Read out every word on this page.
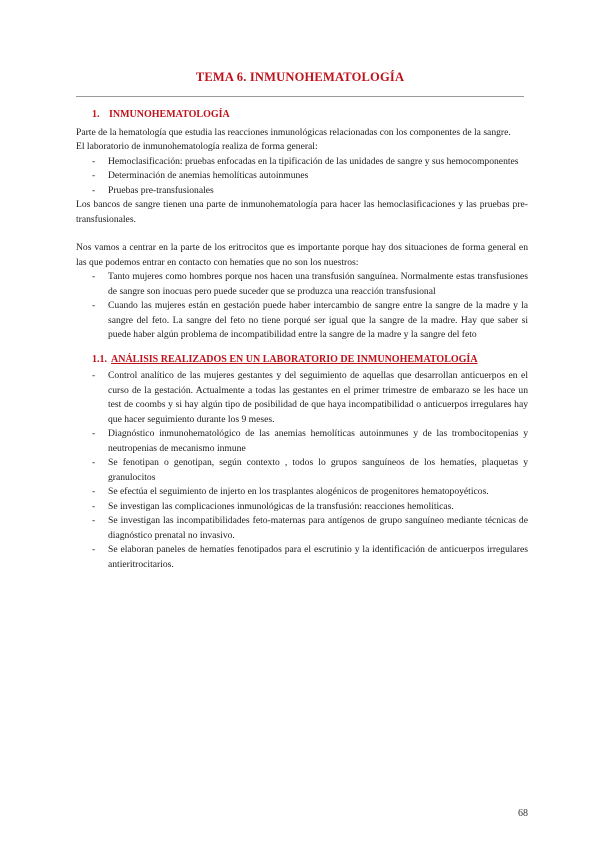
TEMA 6. INMUNOHEMATOLOGÍA
1. INMUNOHEMATOLOGÍA

Parte de la hematología que estudia las reacciones inmunológicas relacionadas con los componentes de la sangre.

El laboratorio de inmunohematología realiza de forma general:

- Hemoclasificación: pruebas enfocadas en la tipificación de las unidades de sangre y sus hemocomponentes
- Determinación de anemias hemolíticas autoinmunes
- Pruebas pre-transfusionales

Los bancos de sangre tienen una parte de inmunohematología para hacer las hemoclasificaciones y las pruebas pre-transfusionales.

Nos vamos a centrar en la parte de los eritrocitos que es importante porque hay dos situaciones de forma general en las que podemos entrar en contacto con hematíes que no son los nuestros:

- Tanto mujeres como hombres porque nos hacen una transfusión sanguínea. Normalmente estas transfusiones de sangre son inocuas pero puede suceder que se produzca una reacción transfusional
- Cuando las mujeres están en gestación puede haber intercambio de sangre entre la sangre de la madre y la sangre del feto. La sangre del feto no tiene porqué ser igual que la sangre de la madre. Hay que saber si puede haber algún problema de incompatibilidad entre la sangre de la madre y la sangre del feto
1.1. ANÁLISIS REALIZADOS EN UN LABORATORIO DE INMUNOHEMATOLOGÍA
- Control analítico de las mujeres gestantes y del seguimiento de aquellas que desarrollan anticuerpos en el curso de la gestación. Actualmente a todas las gestantes en el primer trimestre de embarazo se les hace un test de coombs y si hay algún tipo de posibilidad de que haya incompatibilidad o anticuerpos irregulares hay que hacer seguimiento durante los 9 meses.
- Diagnóstico inmunohematológico de las anemias hemolíticas autoinmunes y de las trombocitopenias y neutropenias de mecanismo inmune
- Se fenotipan o genotipan, según contexto , todos lo grupos sanguíneos de los hematíes, plaquetas y granulocitos
- Se efectúa el seguimiento de injerto en los trasplantes alogénicos de progenitores hematopoyéticos.
- Se investigan las complicaciones inmunológicas de la transfusión: reacciones hemolíticas.
- Se investigan las incompatibilidades feto-maternas para antígenos de grupo sanguíneo mediante técnicas de diagnóstico prenatal no invasivo.
- Se elaboran paneles de hematíes fenotipados para el escrutinio y la identificación de anticuerpos irregulares antieritrocitarios.
68
